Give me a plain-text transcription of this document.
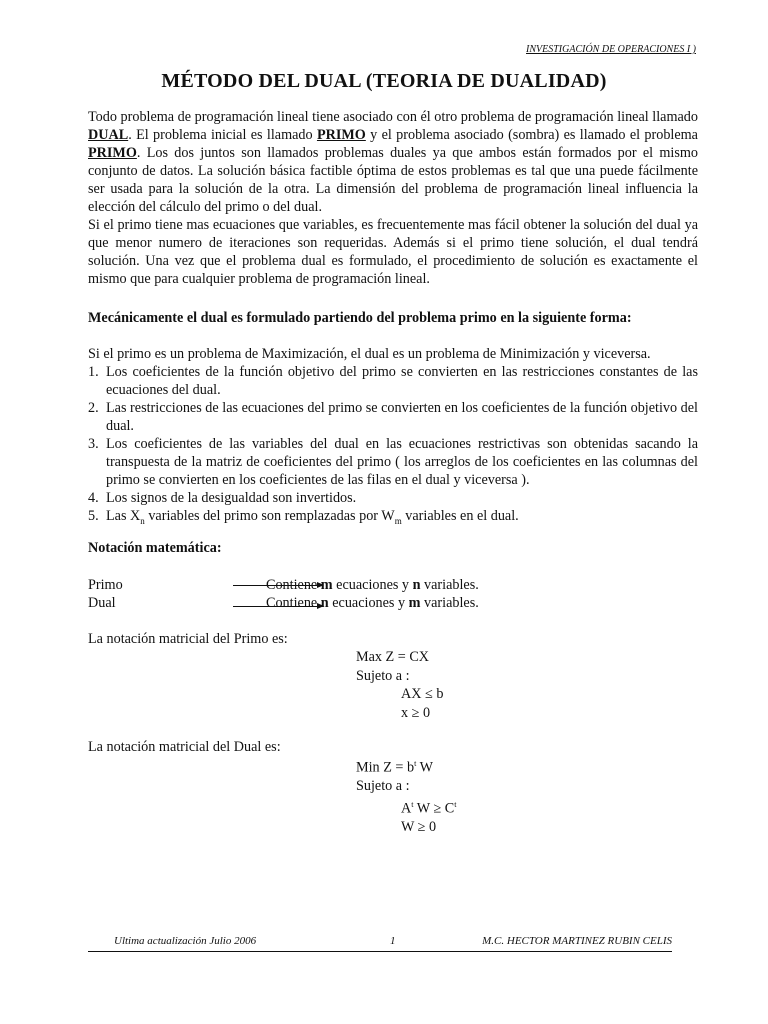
INVESTIGACIÓN DE OPERACIONES I )
MÉTODO DEL DUAL (TEORIA DE DUALIDAD)

Todo problema de programación lineal tiene asociado con él otro problema de programación lineal llamado DUAL. El problema inicial es llamado PRIMO y el problema asociado (sombra) es llamado el problema PRIMO. Los dos juntos son llamados problemas duales ya que ambos están formados por el mismo conjunto de datos. La solución básica factible óptima de estos problemas es tal que una puede fácilmente ser usada para la solución de la otra. La dimensión del problema de programación lineal influencia la elección del cálculo del primo o del dual.

Si el primo tiene mas ecuaciones que variables, es frecuentemente mas fácil obtener la solución del dual ya que menor numero de iteraciones son requeridas. Además si el primo tiene solución, el dual tendrá solución. Una vez que el problema dual es formulado, el procedimiento de solución es exactamente el mismo que para cualquier problema de programación lineal.

Mecánicamente el dual es formulado partiendo del problema primo en la siguiente forma:
Si el primo es un problema de Maximización, el dual es un problema de Minimización y viceversa.
1. Los coeficientes de la función objetivo del primo se convierten en las restricciones constantes de las ecuaciones del dual.
2. Las restricciones de las ecuaciones del primo se convierten en los coeficientes de la función objetivo del dual.
3. Los coeficientes de las variables del dual en las ecuaciones restrictivas son obtenidas sacando la transpuesta de la matriz de coeficientes del primo ( los arreglos de los coeficientes en las columnas del primo se convierten en los coeficientes de las filas en el dual y viceversa ).
4. Los signos de la desigualdad son invertidos.
5. Las $X_n$ variables del primo son remplazadas por $W_m$ variables en el dual.
Notación matemática:
Primo	Contiene m ecuaciones y n variables.
Dual	Contiene n ecuaciones y m variables.
La notación matricial del Primo es:
Max Z = CX
Sujeto a :
AX ≤ b
x ≥ 0
La notación matricial del Dual es:
Min $Z = b^t$ W
Sujeto a :
$A^t$ $W \ge C^t$
W ≥ 0
Ultima actualización Julio 2006	1	M.C. HECTOR MARTINEZ RUBIN CELIS
